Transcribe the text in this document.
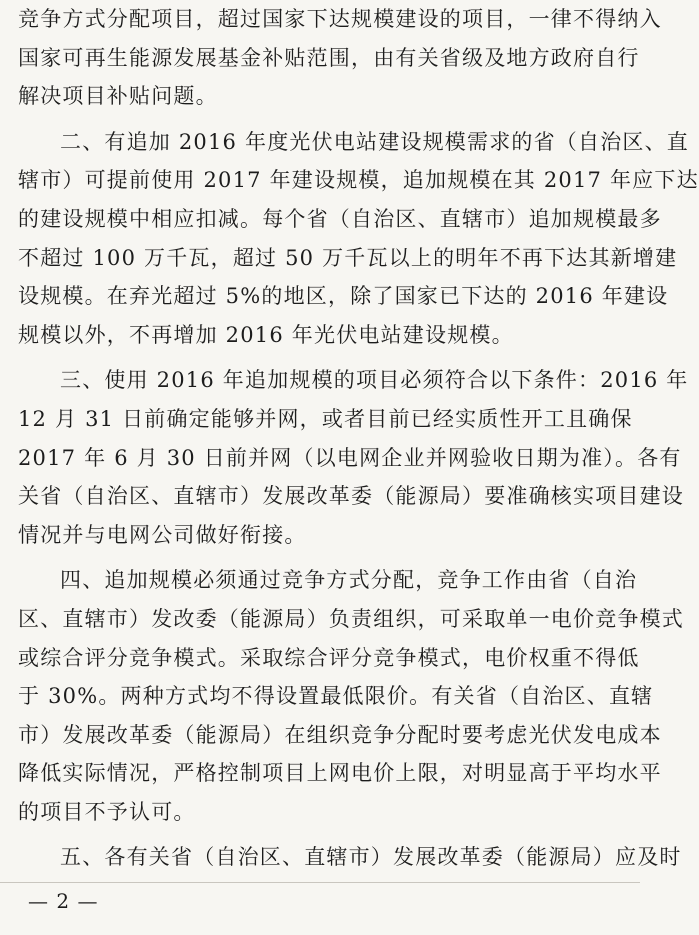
竞争方式分配项目，超过国家下达规模建设的项目，一律不得纳入
国家可再生能源发展基金补贴范围，由有关省级及地方政府自行
解决项目补贴问题。
二、有追加 2016 年度光伏电站建设规模需求的省（自治区、直
辖市）可提前使用 2017 年建设规模，追加规模在其 2017 年应下达
的建设规模中相应扣减。每个省（自治区、直辖市）追加规模最多
不超过 100 万千瓦，超过 50 万千瓦以上的明年不再下达其新增建
设规模。在弃光超过 5%的地区，除了国家已下达的 2016 年建设
规模以外，不再增加 2016 年光伏电站建设规模。
三、使用 2016 年追加规模的项目必须符合以下条件：2016 年
12 月 31 日前确定能够并网，或者目前已经实质性开工且确保
2017 年 6 月 30 日前并网（以电网企业并网验收日期为准）。各有
关省（自治区、直辖市）发展改革委（能源局）要准确核实项目建设
情况并与电网公司做好衔接。
四、追加规模必须通过竞争方式分配，竞争工作由省（自治
区、直辖市）发改委（能源局）负责组织，可采取单一电价竞争模式
或综合评分竞争模式。采取综合评分竞争模式，电价权重不得低
于 30%。两种方式均不得设置最低限价。有关省（自治区、直辖
市）发展改革委（能源局）在组织竞争分配时要考虑光伏发电成本
降低实际情况，严格控制项目上网电价上限，对明显高于平均水平
的项目不予认可。
五、各有关省（自治区、直辖市）发展改革委（能源局）应及时
— 2 —
